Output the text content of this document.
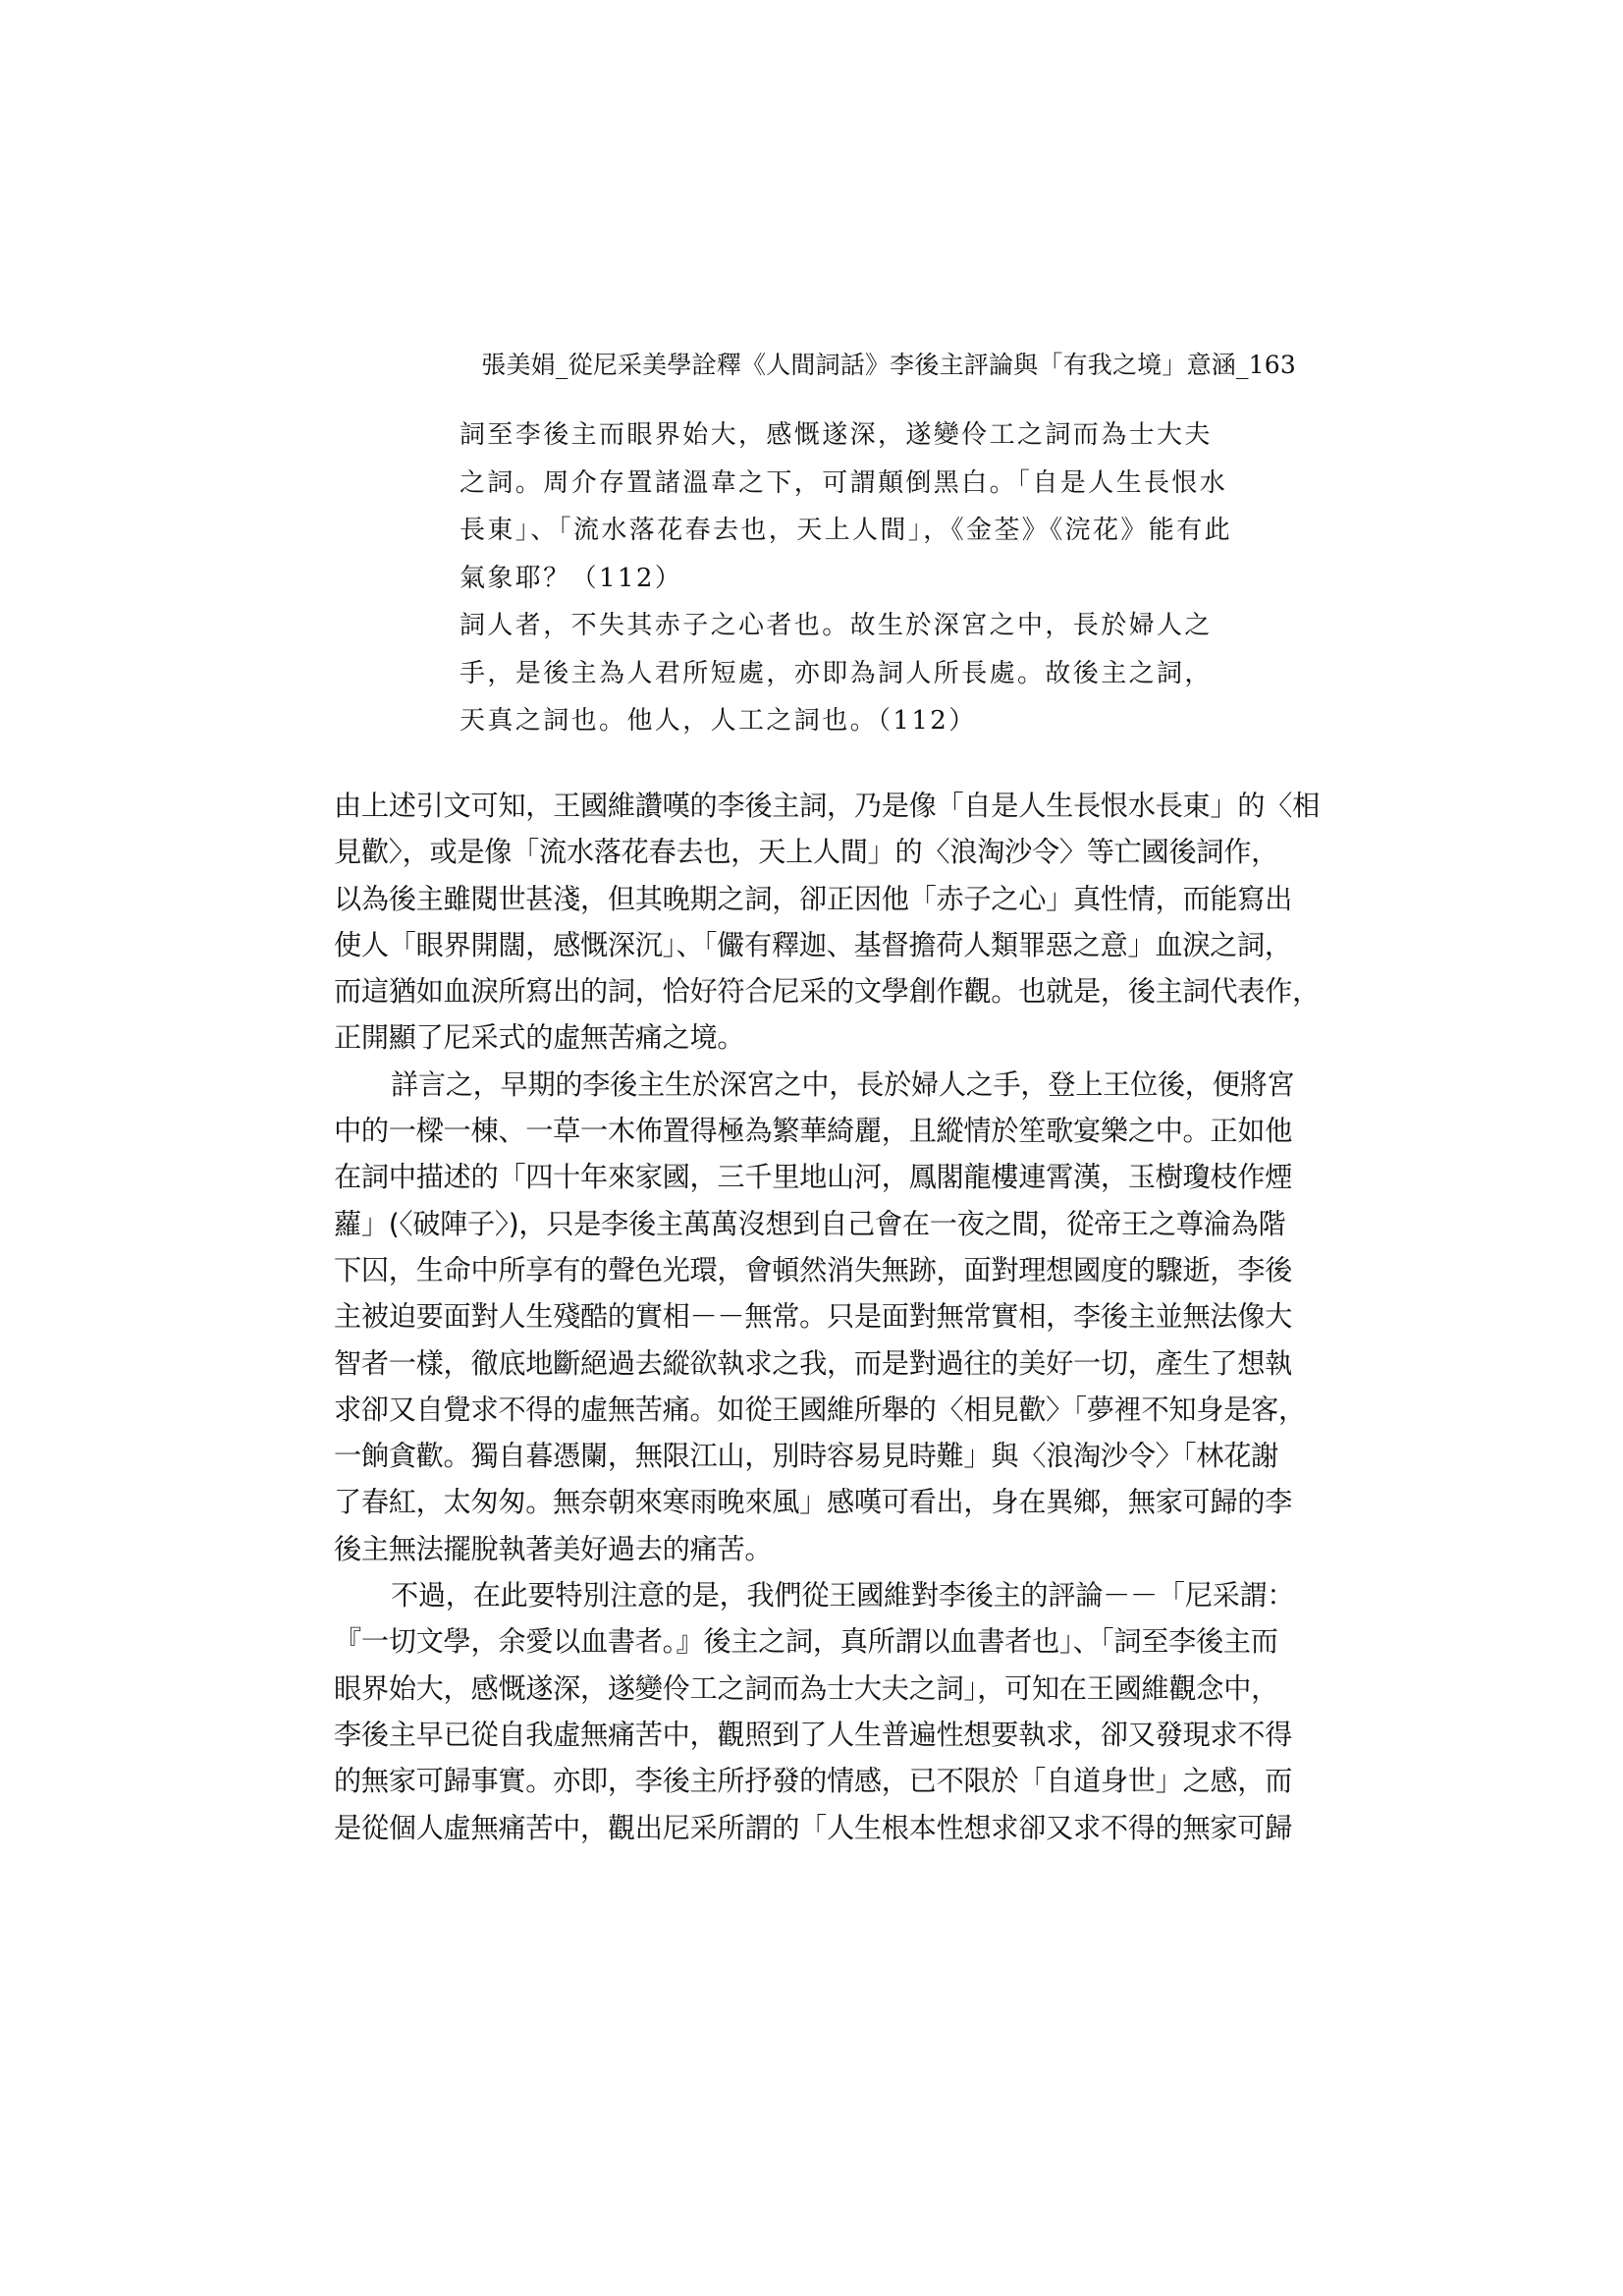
張美娟_從尼采美學詮釋《人間詞話》李後主評論與「有我之境」意涵_163
詞至李後主而眼界始大，感慨遂深，遂變伶工之詞而為士大夫
之詞。周介存置諸溫韋之下，可謂顛倒黑白。「自是人生長恨水
長東」、「流水落花春去也，天上人間」，《金荃》《浣花》能有此
氣象耶？（112）
詞人者，不失其赤子之心者也。故生於深宮之中，長於婦人之
手，是後主為人君所短處，亦即為詞人所長處。故後主之詞，
天真之詞也。他人，人工之詞也。（112）
由上述引文可知，王國維讚嘆的李後主詞，乃是像「自是人生長恨水長東」的〈相
見歡〉，或是像「流水落花春去也，天上人間」的〈浪淘沙令〉等亡國後詞作，
以為後主雖閱世甚淺，但其晚期之詞，卻正因他「赤子之心」真性情，而能寫出
使人「眼界開闊，感慨深沉」、「儼有釋迦、基督擔荷人類罪惡之意」血淚之詞，
而這猶如血淚所寫出的詞，恰好符合尼采的文學創作觀。也就是，後主詞代表作，
正開顯了尼采式的虛無苦痛之境。
詳言之，早期的李後主生於深宮之中，長於婦人之手，登上王位後，便將宮
中的一樑一棟、一草一木佈置得極為繁華綺麗，且縱情於笙歌宴樂之中。正如他
在詞中描述的「四十年來家國，三千里地山河，鳳閣龍樓連霄漢，玉樹瓊枝作煙
蘿」(〈破陣子〉)，只是李後主萬萬沒想到自己會在一夜之間，從帝王之尊淪為階
下囚，生命中所享有的聲色光環，會頓然消失無跡，面對理想國度的驟逝，李後
主被迫要面對人生殘酷的實相－－無常。只是面對無常實相，李後主並無法像大
智者一樣，徹底地斷絕過去縱欲執求之我，而是對過往的美好一切，產生了想執
求卻又自覺求不得的虛無苦痛。如從王國維所舉的〈相見歡〉「夢裡不知身是客，
一餉貪歡。獨自暮憑闌，無限江山，別時容易見時難」與〈浪淘沙令〉「林花謝
了春紅，太匆匆。無奈朝來寒雨晚來風」感嘆可看出，身在異鄉，無家可歸的李
後主無法擺脫執著美好過去的痛苦。
不過，在此要特別注意的是，我們從王國維對李後主的評論－－「尼采謂：
『一切文學，余愛以血書者。』後主之詞，真所謂以血書者也」、「詞至李後主而
眼界始大，感慨遂深，遂變伶工之詞而為士大夫之詞」，可知在王國維觀念中，
李後主早已從自我虛無痛苦中，觀照到了人生普遍性想要執求，卻又發現求不得
的無家可歸事實。亦即，李後主所抒發的情感，已不限於「自道身世」之感，而
是從個人虛無痛苦中，觀出尼采所謂的「人生根本性想求卻又求不得的無家可歸
